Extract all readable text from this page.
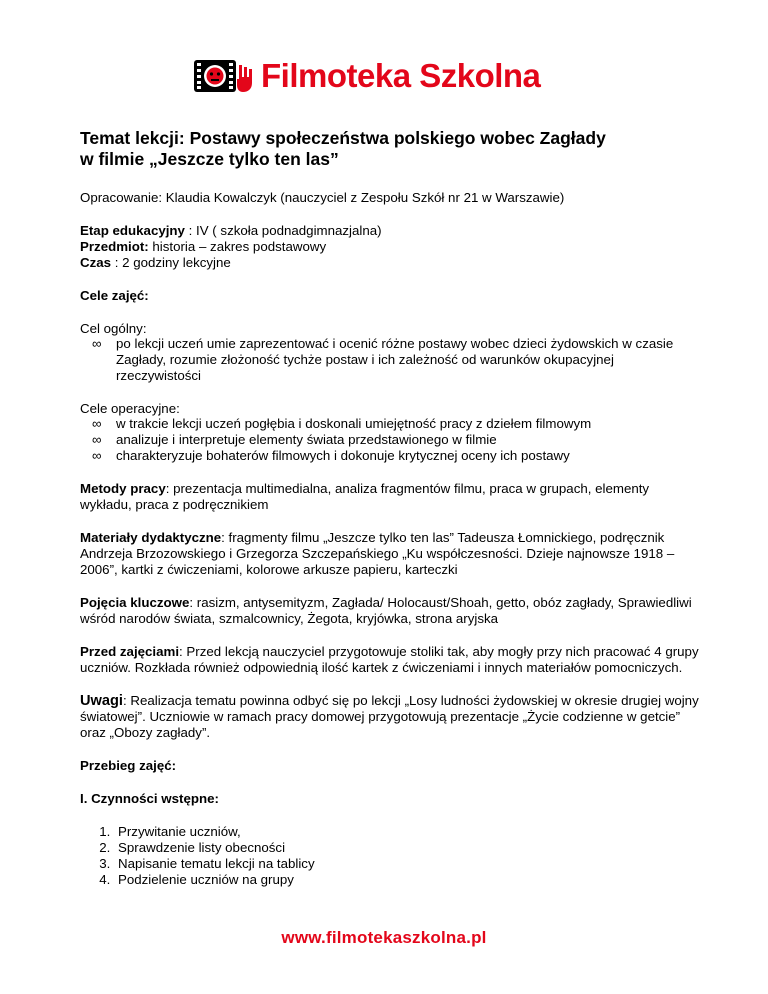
Filmoteka Szkolna
Temat lekcji: Postawy społeczeństwa polskiego wobec Zagłady
w filmie „Jeszcze tylko ten las”

Opracowanie: Klaudia Kowalczyk (nauczyciel z Zespołu Szkół nr 21 w Warszawie)

Etap edukacyjny : IV ( szkoła podnadgimnazjalna)
Przedmiot: historia – zakres podstawowy
Czas : 2 godziny lekcyjne

Cele zajęć:

Cel ogólny:
∞ po lekcji uczeń umie zaprezentować i ocenić różne postawy wobec dzieci żydowskich w czasie Zagłady, rozumie złożoność tychże postaw i ich zależność od warunków okupacyjnej rzeczywistości
Cele operacyjne:
∞ w trakcie lekcji uczeń pogłębia i doskonali umiejętność pracy z dziełem filmowym
∞ analizuje i interpretuje elementy świata przedstawionego w filmie
∞ charakteryzuje bohaterów filmowych i dokonuje krytycznej oceny ich postawy

Metody pracy: prezentacja multimedialna, analiza fragmentów filmu, praca w grupach, elementy wykładu, praca z podręcznikiem

Materiały dydaktyczne: fragmenty filmu „Jeszcze tylko ten las” Tadeusza Łomnickiego, podręcznik Andrzeja Brzozowskiego i Grzegorza Szczepańskiego „Ku współczesności. Dzieje najnowsze 1918 – 2006”, kartki z ćwiczeniami, kolorowe arkusze papieru, karteczki

Pojęcia kluczowe: rasizm, antysemityzm, Zagłada/ Holocaust/Shoah, getto, obóz zagłady, Sprawiedliwi wśród narodów świata, szmalcownicy, Żegota, kryjówka, strona aryjska

Przed zajęciami: Przed lekcją nauczyciel przygotowuje stoliki tak, aby mogły przy nich pracować 4 grupy uczniów. Rozkłada również odpowiednią ilość kartek z ćwiczeniami i innych materiałów pomocniczych.

Uwagi: Realizacja tematu powinna odbyć się po lekcji „Losy ludności żydowskiej w okresie drugiej wojny światowej”. Uczniowie w ramach pracy domowej przygotowują prezentacje „Życie codzienne w getcie” oraz „Obozy zagłady”.

Przebieg zajęć:

I. Czynności wstępne:

1. Przywitanie uczniów,
2. Sprawdzenie listy obecności
3. Napisanie tematu lekcji na tablicy
4. Podzielenie uczniów na grupy
www.filmotekaszkolna.pl
